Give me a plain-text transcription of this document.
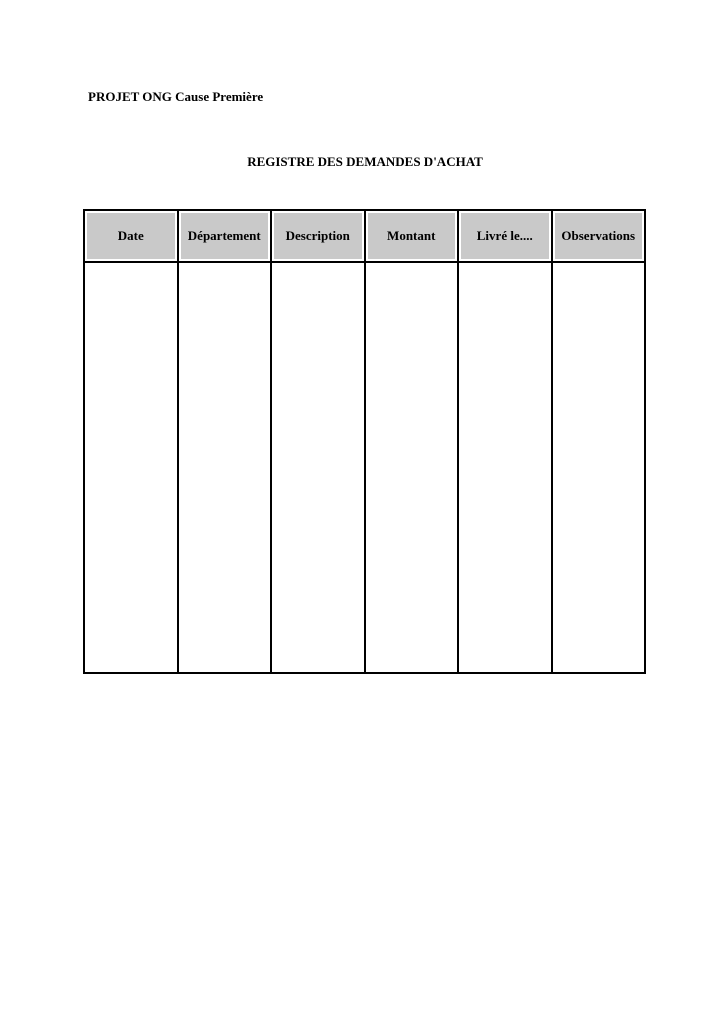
PROJET ONG Cause Première
REGISTRE DES DEMANDES D'ACHAT
Date	Département	Description	Montant	Livré le....	Observations
